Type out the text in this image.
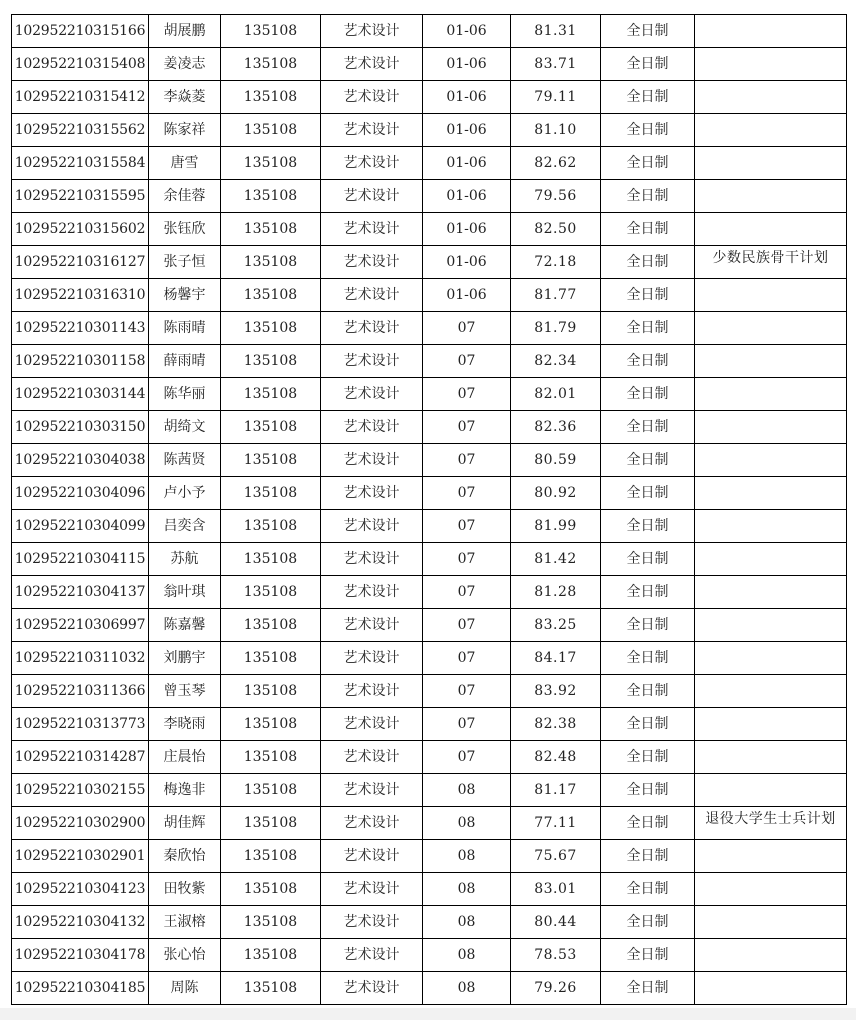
102952210315166	胡展鹏	135108	艺术设计	01-06	81.31	全日制	

102952210315408	姜凌志	135108	艺术设计	01-06	83.71	全日制	

102952210315412	李焱菱	135108	艺术设计	01-06	79.11	全日制	

102952210315562	陈家祥	135108	艺术设计	01-06	81.10	全日制	

102952210315584	唐雪	135108	艺术设计	01-06	82.62	全日制	

102952210315595	余佳蓉	135108	艺术设计	01-06	79.56	全日制	

102952210315602	张钰欣	135108	艺术设计	01-06	82.50	全日制	

102952210316127	张子恒	135108	艺术设计	01-06	72.18	全日制	少数民族骨干计划

102952210316310	杨馨宇	135108	艺术设计	01-06	81.77	全日制	

102952210301143	陈雨晴	135108	艺术设计	07	81.79	全日制	

102952210301158	薛雨晴	135108	艺术设计	07	82.34	全日制	

102952210303144	陈华丽	135108	艺术设计	07	82.01	全日制	

102952210303150	胡绮文	135108	艺术设计	07	82.36	全日制	

102952210304038	陈茜贤	135108	艺术设计	07	80.59	全日制	

102952210304096	卢小予	135108	艺术设计	07	80.92	全日制	

102952210304099	吕奕含	135108	艺术设计	07	81.99	全日制	

102952210304115	苏航	135108	艺术设计	07	81.42	全日制	

102952210304137	翁叶琪	135108	艺术设计	07	81.28	全日制	

102952210306997	陈嘉馨	135108	艺术设计	07	83.25	全日制	

102952210311032	刘鹏宇	135108	艺术设计	07	84.17	全日制	

102952210311366	曾玉琴	135108	艺术设计	07	83.92	全日制	

102952210313773	李晓雨	135108	艺术设计	07	82.38	全日制	

102952210314287	庄晨怡	135108	艺术设计	07	82.48	全日制	

102952210302155	梅逸非	135108	艺术设计	08	81.17	全日制	

102952210302900	胡佳辉	135108	艺术设计	08	77.11	全日制	退役大学生士兵计划

102952210302901	秦欣怡	135108	艺术设计	08	75.67	全日制	

102952210304123	田牧紫	135108	艺术设计	08	83.01	全日制	

102952210304132	王淑榕	135108	艺术设计	08	80.44	全日制	

102952210304178	张心怡	135108	艺术设计	08	78.53	全日制	

102952210304185	周陈	135108	艺术设计	08	79.26	全日制	
